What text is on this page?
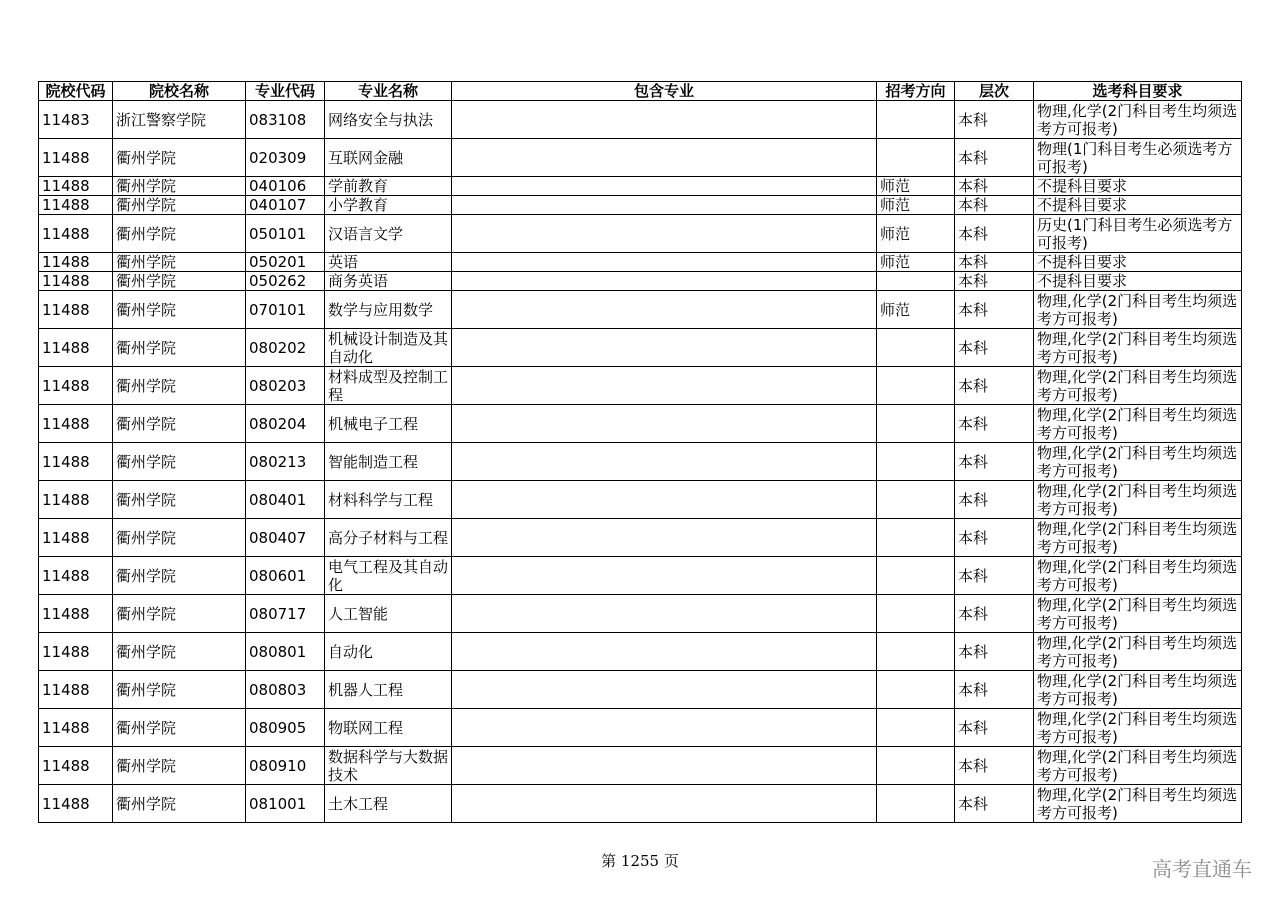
院校代码	院校名称	专业代码	专业名称	包含专业	招考方向	层次	选考科目要求
11483	浙江警察学院	083108	网络安全与执法			本科	物理,化学(2门科目考生均须选考方可报考)
11488	衢州学院	020309	互联网金融			本科	物理(1门科目考生必须选考方可报考)
11488	衢州学院	040106	学前教育		师范	本科	不提科目要求
11488	衢州学院	040107	小学教育		师范	本科	不提科目要求
11488	衢州学院	050101	汉语言文学		师范	本科	历史(1门科目考生必须选考方可报考)
11488	衢州学院	050201	英语		师范	本科	不提科目要求
11488	衢州学院	050262	商务英语			本科	不提科目要求
11488	衢州学院	070101	数学与应用数学		师范	本科	物理,化学(2门科目考生均须选考方可报考)
11488	衢州学院	080202	机械设计制造及其自动化			本科	物理,化学(2门科目考生均须选考方可报考)
11488	衢州学院	080203	材料成型及控制工程			本科	物理,化学(2门科目考生均须选考方可报考)
11488	衢州学院	080204	机械电子工程			本科	物理,化学(2门科目考生均须选考方可报考)
11488	衢州学院	080213	智能制造工程			本科	物理,化学(2门科目考生均须选考方可报考)
11488	衢州学院	080401	材料科学与工程			本科	物理,化学(2门科目考生均须选考方可报考)
11488	衢州学院	080407	高分子材料与工程			本科	物理,化学(2门科目考生均须选考方可报考)
11488	衢州学院	080601	电气工程及其自动化			本科	物理,化学(2门科目考生均须选考方可报考)
11488	衢州学院	080717	人工智能			本科	物理,化学(2门科目考生均须选考方可报考)
11488	衢州学院	080801	自动化			本科	物理,化学(2门科目考生均须选考方可报考)
11488	衢州学院	080803	机器人工程			本科	物理,化学(2门科目考生均须选考方可报考)
11488	衢州学院	080905	物联网工程			本科	物理,化学(2门科目考生均须选考方可报考)
11488	衢州学院	080910	数据科学与大数据技术			本科	物理,化学(2门科目考生均须选考方可报考)
11488	衢州学院	081001	土木工程			本科	物理,化学(2门科目考生均须选考方可报考)
第 1255 页	高考直通车
